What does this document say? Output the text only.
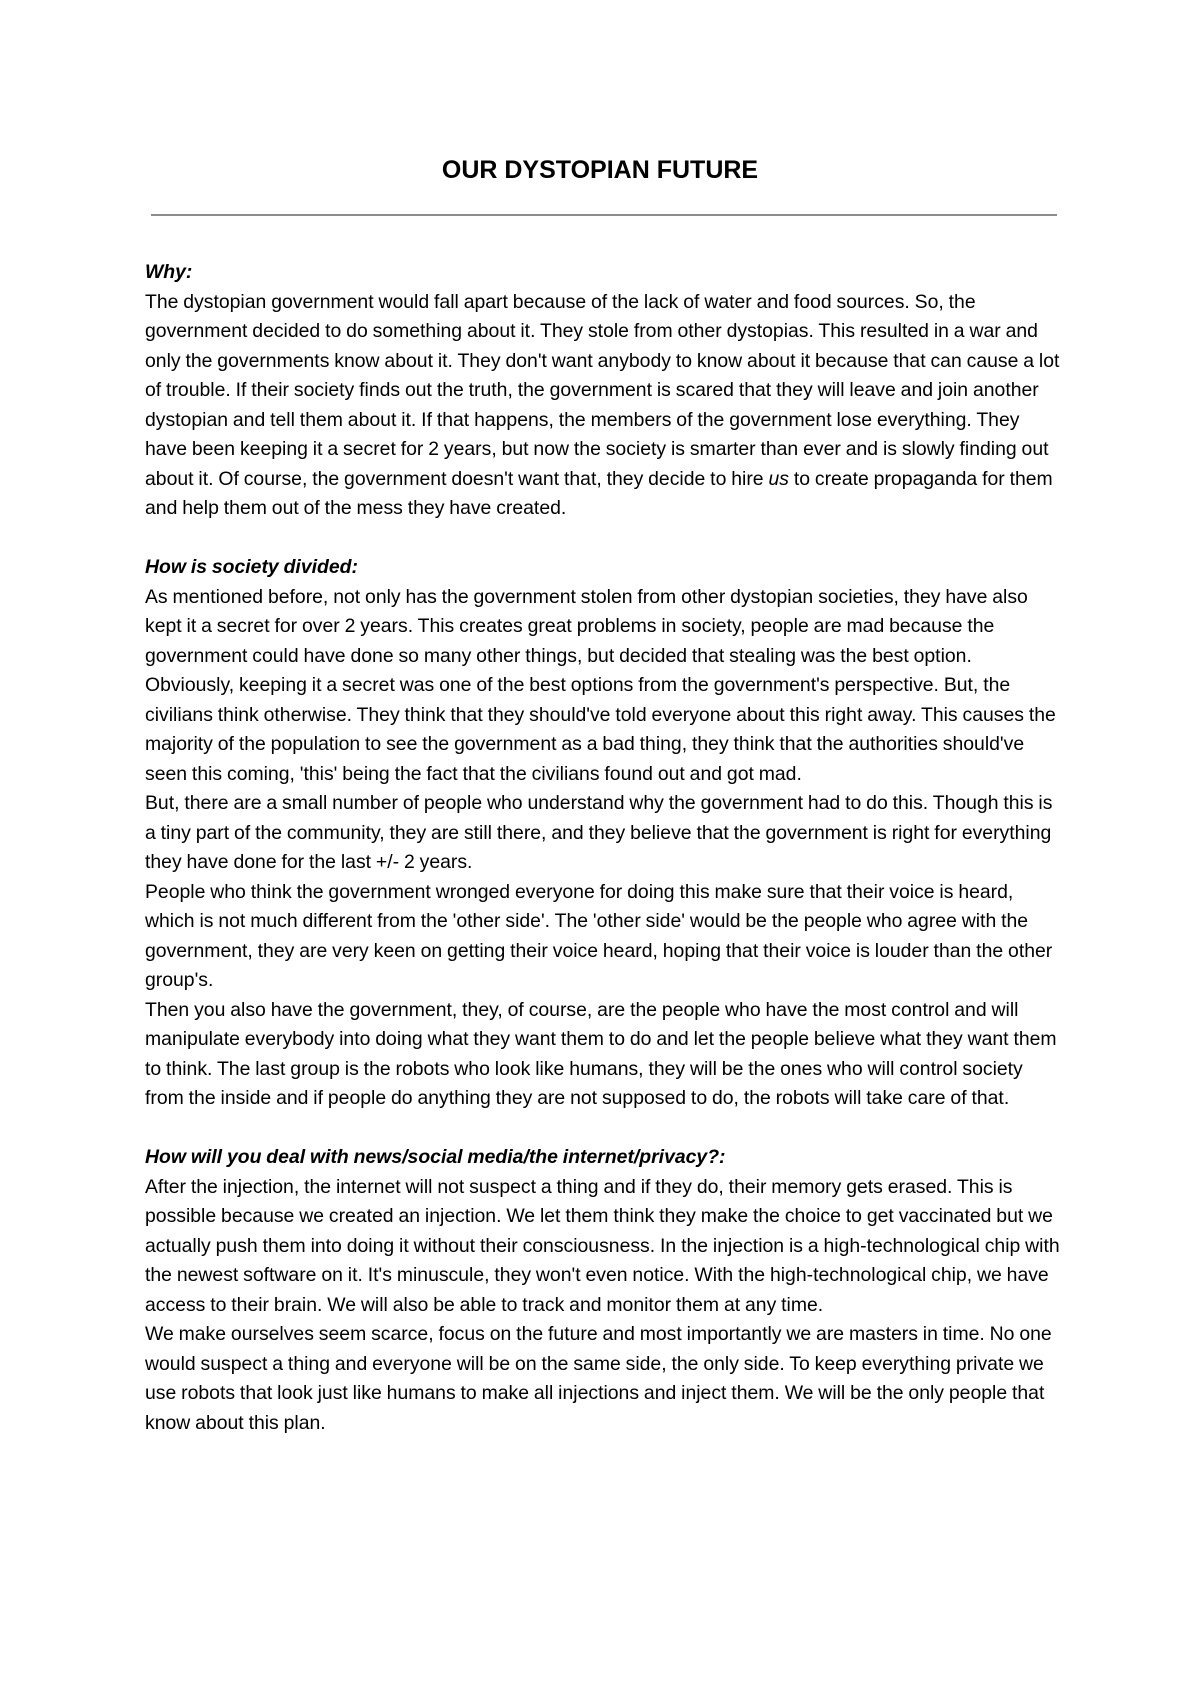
OUR DYSTOPIAN FUTURE

Why:

The dystopian government would fall apart because of the lack of water and food sources. So, the government decided to do something about it. They stole from other dystopias. This resulted in a war and only the governments know about it. They don't want anybody to know about it because that can cause a lot of trouble. If their society finds out the truth, the government is scared that they will leave and join another dystopian and tell them about it. If that happens, the members of the government lose everything. They have been keeping it a secret for 2 years, but now the society is smarter than ever and is slowly finding out about it. Of course, the government doesn't want that, they decide to hire us to create propaganda for them and help them out of the mess they have created.

How is society divided:

As mentioned before, not only has the government stolen from other dystopian societies, they have also kept it a secret for over 2 years. This creates great problems in society, people are mad because the government could have done so many other things, but decided that stealing was the best option. Obviously, keeping it a secret was one of the best options from the government's perspective. But, the civilians think otherwise. They think that they should've told everyone about this right away. This causes the majority of the population to see the government as a bad thing, they think that the authorities should've seen this coming, 'this' being the fact that the civilians found out and got mad.

But, there are a small number of people who understand why the government had to do this. Though this is a tiny part of the community, they are still there, and they believe that the government is right for everything they have done for the last +/- 2 years.

People who think the government wronged everyone for doing this make sure that their voice is heard, which is not much different from the 'other side'. The 'other side' would be the people who agree with the government, they are very keen on getting their voice heard, hoping that their voice is louder than the other group's.

Then you also have the government, they, of course, are the people who have the most control and will manipulate everybody into doing what they want them to do and let the people believe what they want them to think. The last group is the robots who look like humans, they will be the ones who will control society from the inside and if people do anything they are not supposed to do, the robots will take care of that.

How will you deal with news/social media/the internet/privacy?:

After the injection, the internet will not suspect a thing and if they do, their memory gets erased. This is possible because we created an injection. We let them think they make the choice to get vaccinated but we actually push them into doing it without their consciousness. In the injection is a high-technological chip with the newest software on it. It's minuscule, they won't even notice. With the high-technological chip, we have access to their brain. We will also be able to track and monitor them at any time.

We make ourselves seem scarce, focus on the future and most importantly we are masters in time. No one would suspect a thing and everyone will be on the same side, the only side. To keep everything private we use robots that look just like humans to make all injections and inject them. We will be the only people that know about this plan.
